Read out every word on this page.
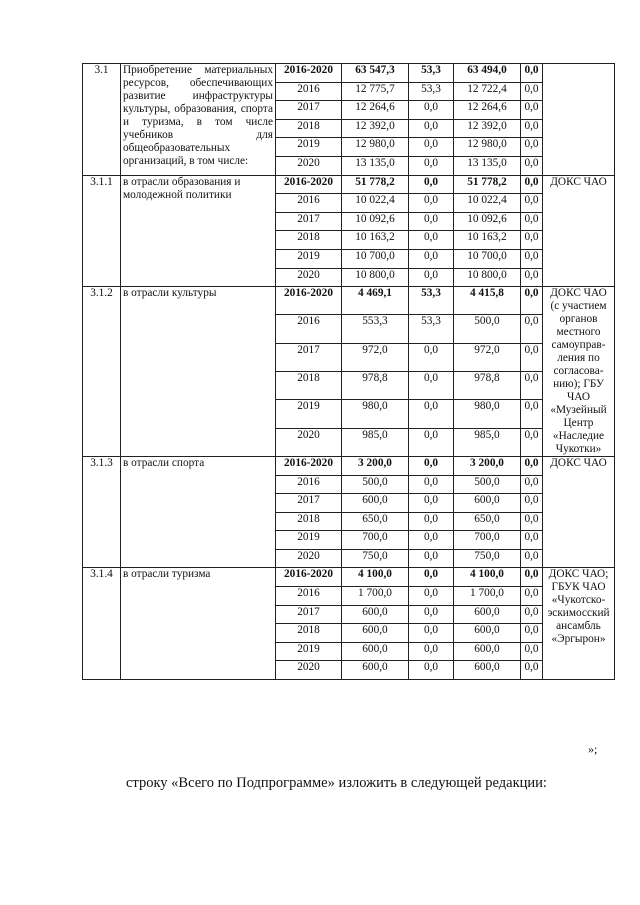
3.1	Приобретение материальных ресурсов, обеспечивающих развитие инфраструктуры культуры, образования, спорта и туризма, в том числе учебников для общеобразовательных организаций, в том числе:	2016-2020	63 547,3	53,3	63 494,0	0,0	
		2016	12 775,7	53,3	12 722,4	0,0	
		2017	12 264,6	0,0	12 264,6	0,0	
		2018	12 392,0	0,0	12 392,0	0,0	
		2019	12 980,0	0,0	12 980,0	0,0	
		2020	13 135,0	0,0	13 135,0	0,0	
3.1.1	в отрасли образования и молодежной политики	2016-2020	51 778,2	0,0	51 778,2	0,0	ДОКС ЧАО
		2016	10 022,4	0,0	10 022,4	0,0	
		2017	10 092,6	0,0	10 092,6	0,0	
		2018	10 163,2	0,0	10 163,2	0,0	
		2019	10 700,0	0,0	10 700,0	0,0	
		2020	10 800,0	0,0	10 800,0	0,0	
3.1.2	в отрасли культуры	2016-2020	4 469,1	53,3	4 415,8	0,0	ДОКС ЧАО (с участием органов местного самоуправ-ления по согласова-нию); ГБУ ЧАО «Музейный Центр «Наследие Чукотки»
		2016	553,3	53,3	500,0	0,0	
		2017	972,0	0,0	972,0	0,0	
		2018	978,8	0,0	978,8	0,0	
		2019	980,0	0,0	980,0	0,0	
		2020	985,0	0,0	985,0	0,0	
3.1.3	в отрасли спорта	2016-2020	3 200,0	0,0	3 200,0	0,0	ДОКС ЧАО
		2016	500,0	0,0	500,0	0,0	
		2017	600,0	0,0	600,0	0,0	
		2018	650,0	0,0	650,0	0,0	
		2019	700,0	0,0	700,0	0,0	
		2020	750,0	0,0	750,0	0,0	
3.1.4	в отрасли туризма	2016-2020	4 100,0	0,0	4 100,0	0,0	ДОКС ЧАО; ГБУК ЧАО «Чукотско-эскимосский ансамбль «Эргырон»
		2016	1 700,0	0,0	1 700,0	0,0	
		2017	600,0	0,0	600,0	0,0	
		2018	600,0	0,0	600,0	0,0	
		2019	600,0	0,0	600,0	0,0	
		2020	600,0	0,0	600,0	0,0	
»;
строку «Всего по Подпрограмме» изложить в следующей редакции:
